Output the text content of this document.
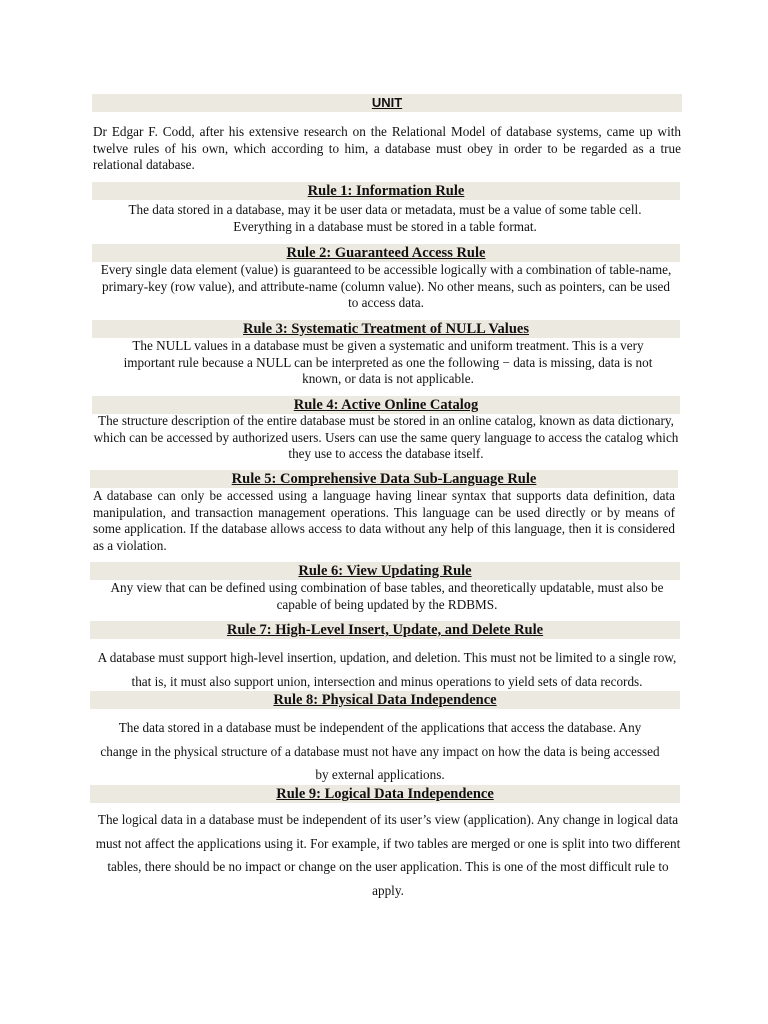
UNIT

Dr Edgar F. Codd, after his extensive research on the Relational Model of database systems, came up with twelve rules of his own, which according to him, a database must obey in order to be regarded as a true relational database.

Rule 1: Information Rule

The data stored in a database, may it be user data or metadata, must be a value of some table cell. Everything in a database must be stored in a table format.

Rule 2: Guaranteed Access Rule

Every single data element (value) is guaranteed to be accessible logically with a combination of table-name, primary-key (row value), and attribute-name (column value). No other means, such as pointers, can be used to access data.

Rule 3: Systematic Treatment of NULL Values

The NULL values in a database must be given a systematic and uniform treatment. This is a very important rule because a NULL can be interpreted as one the following − data is missing, data is not known, or data is not applicable.

Rule 4: Active Online Catalog

The structure description of the entire database must be stored in an online catalog, known as data dictionary, which can be accessed by authorized users. Users can use the same query language to access the catalog which they use to access the database itself.

Rule 5: Comprehensive Data Sub-Language Rule

A database can only be accessed using a language having linear syntax that supports data definition, data manipulation, and transaction management operations. This language can be used directly or by means of some application. If the database allows access to data without any help of this language, then it is considered as a violation.

Rule 6: View Updating Rule

Any view that can be defined using combination of base tables, and theoretically updatable, must also be capable of being updated by the RDBMS.

Rule 7: High-Level Insert, Update, and Delete Rule

A database must support high-level insertion, updation, and deletion. This must not be limited to a single row, that is, it must also support union, intersection and minus operations to yield sets of data records.

Rule 8: Physical Data Independence

The data stored in a database must be independent of the applications that access the database. Any change in the physical structure of a database must not have any impact on how the data is being accessed by external applications.

Rule 9: Logical Data Independence

The logical data in a database must be independent of its user’s view (application). Any change in logical data must not affect the applications using it. For example, if two tables are merged or one is split into two different tables, there should be no impact or change on the user application. This is one of the most difficult rule to apply.
